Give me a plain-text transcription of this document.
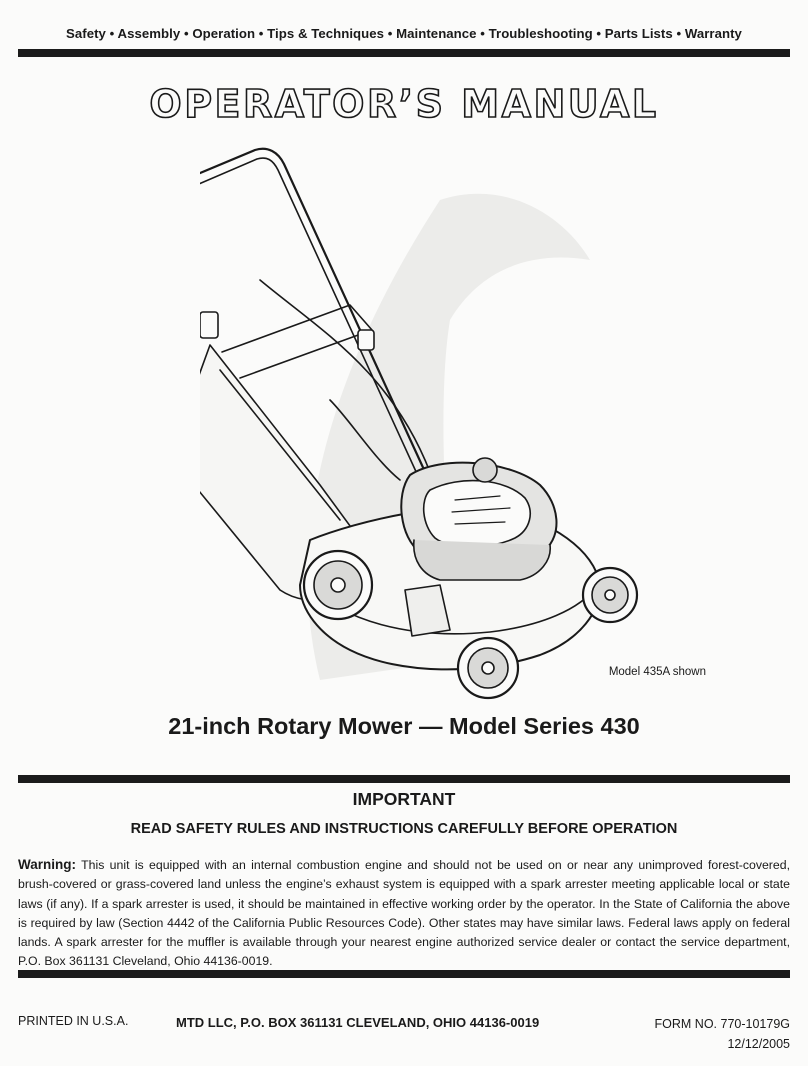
Safety • Assembly • Operation • Tips & Techniques • Maintenance • Troubleshooting • Parts Lists • Warranty
OPERATOR’S MANUAL
Model 435A shown
21-inch Rotary Mower — Model Series 430
IMPORTANT
READ SAFETY RULES AND INSTRUCTIONS CAREFULLY BEFORE OPERATION
Warning: This unit is equipped with an internal combustion engine and should not be used on or near any unimproved forest-covered, brush-covered or grass-covered land unless the engine’s exhaust system is equipped with a spark arrester meeting applicable local or state laws (if any). If a spark arrester is used, it should be maintained in effective working order by the operator. In the State of California the above is required by law (Section 4442 of the California Public Resources Code). Other states may have similar laws. Federal laws apply on federal lands. A spark arrester for the muffler is available through your nearest engine authorized service dealer or contact the service department, P.O. Box 361131 Cleveland, Ohio 44136-0019.
PRINTED IN U.S.A.	MTD LLC, P.O. BOX 361131 CLEVELAND, OHIO 44136-0019	FORM NO. 770-10179G
12/12/2005
